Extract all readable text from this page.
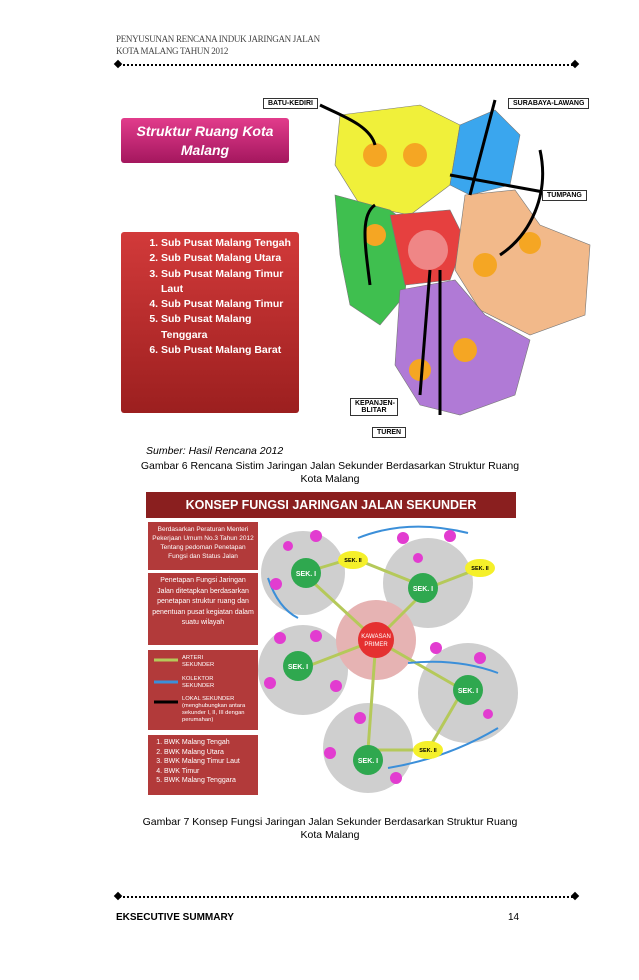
PENYUSUNAN RENCANA INDUK JARINGAN JALAN
KOTA MALANG TAHUN 2012
BATU-KEDIRI	SURABAYA-LAWANG
TUMPANG
KEPANJEN-BLITAR
TUREN
Struktur Ruang Kota Malang
1. Sub Pusat Malang Tengah
2. Sub Pusat Malang Utara
3. Sub Pusat Malang Timur Laut
4. Sub Pusat Malang Timur
5. Sub Pusat Malang Tenggara
6. Sub Pusat Malang Barat
Sumber: Hasil Rencana 2012
Gambar 6 Rencana Sistim Jaringan Jalan Sekunder Berdasarkan Struktur Ruang
Kota Malang
KONSEP FUNGSI JARINGAN JALAN SEKUNDER
Berdasarkan Peraturan Menteri Pekerjaan Umum No.3 Tahun 2012 Tentang pedoman Penetapan Fungsi dan Status Jalan
Penetapan Fungsi Jaringan Jalan ditetapkan berdasarkan penetapan struktur ruang dan penentuan pusat kegiatan dalam suatu wilayah
ARTERI SEKUNDER
KOLEKTOR SEKUNDER
LOKAL SEKUNDER (menghubungkan antara sekunder I, II, III dengan perumahan)
1. BWK Malang Tengah
2. BWK Malang Utara
3. BWK Malang Timur Laut
4. BWK Timur
5. BWK Malang Tenggara
KAWASAN
PRIMER
SEK. I
SEK. I
SEK. I
SEK. I
SEK. I
SEK. II
SEK. II
SEK. II
Gambar 7 Konsep Fungsi Jaringan Jalan Sekunder Berdasarkan Struktur Ruang
Kota Malang
EKSECUTIVE SUMMARY	14
